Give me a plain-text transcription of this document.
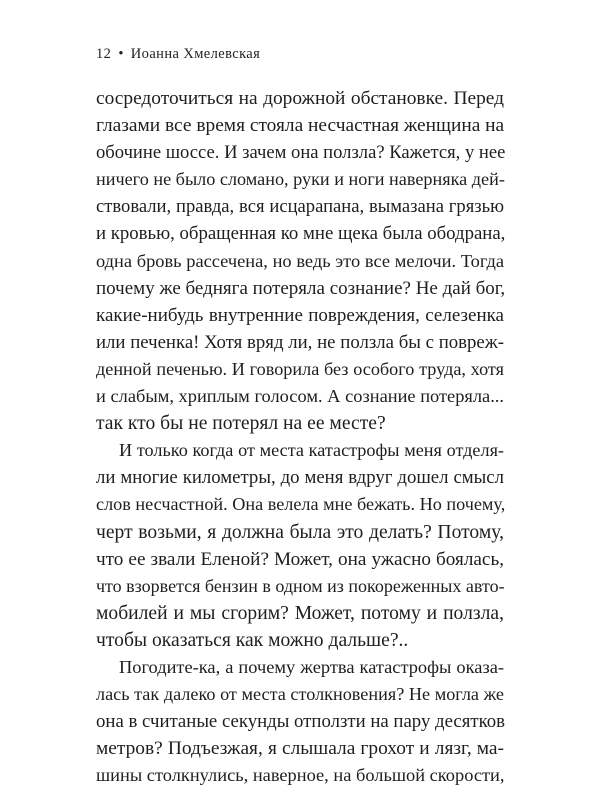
12 • Иоанна Хмелевская
сосредоточиться на дорожной обстановке. Перед
глазами все время стояла несчастная женщина на
обочине шоссе. И зачем она ползла? Кажется, у нее
ничего не было сломано, руки и ноги наверняка дей-
ствовали, правда, вся исцарапана, вымазана грязью
и кровью, обращенная ко мне щека была ободрана,
одна бровь рассечена, но ведь это все мелочи. Тогда
почему же бедняга потеряла сознание? Не дай бог,
какие-нибудь внутренние повреждения, селезенка
или печенка! Хотя вряд ли, не ползла бы с повреж-
денной печенью. И говорила без особого труда, хотя
и слабым, хриплым голосом. А сознание потеряла...
так кто бы не потерял на ее месте?
И только когда от места катастрофы меня отделя-
ли многие километры, до меня вдруг дошел смысл
слов несчастной. Она велела мне бежать. Но почему,
черт возьми, я должна была это делать? Потому,
что ее звали Еленой? Может, она ужасно боялась,
что взорвется бензин в одном из покореженных авто-
мобилей и мы сгорим? Может, потому и ползла,
чтобы оказаться как можно дальше?..
Погодите-ка, а почему жертва катастрофы оказа-
лась так далеко от места столкновения? Не могла же
она в считаные секунды отползти на пару десятков
метров? Подъезжая, я слышала грохот и лязг, ма-
шины столкнулись, наверное, на большой скорости,
